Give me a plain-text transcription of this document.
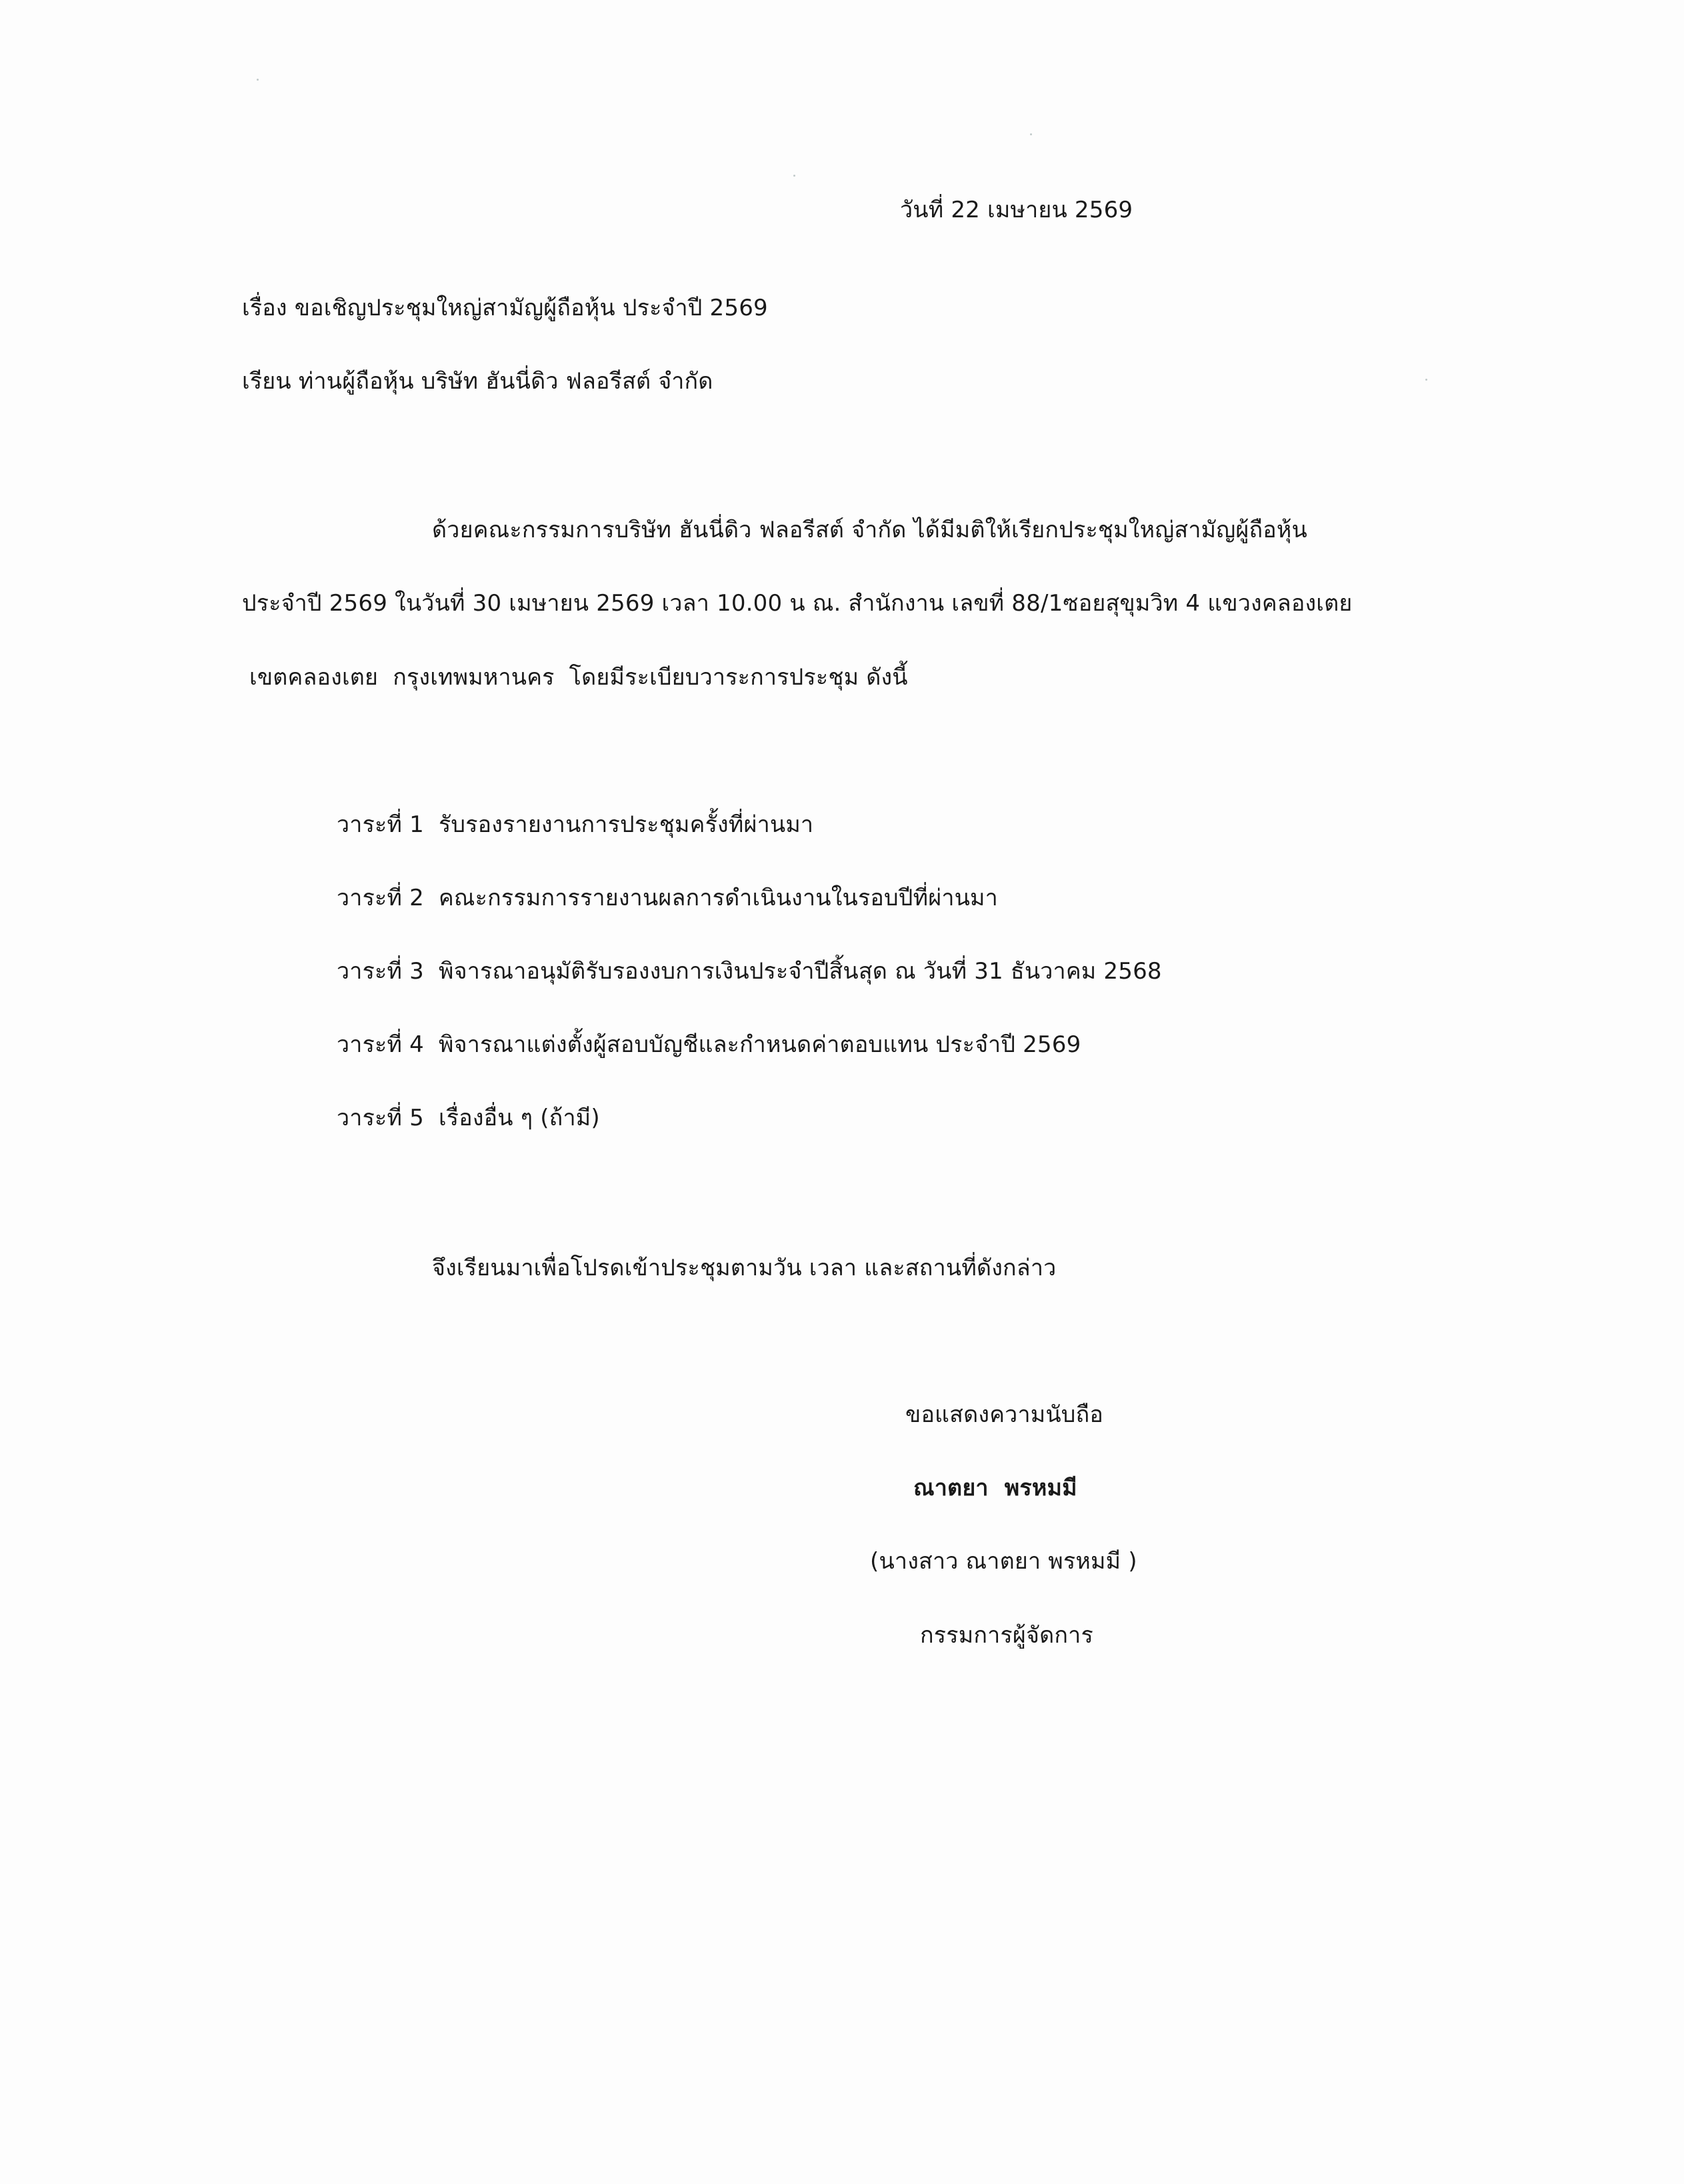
วันที่ 22 เมษายน 2569
เรื่อง ขอเชิญประชุมใหญ่สามัญผู้ถือหุ้น ประจำปี 2569
เรียน ท่านผู้ถือหุ้น บริษัท ฮันนี่ดิว ฟลอรีสต์ จำกัด
ด้วยคณะกรรมการบริษัท ฮันนี่ดิว ฟลอรีสต์ จำกัด ได้มีมติให้เรียกประชุมใหญ่สามัญผู้ถือหุ้น
ประจำปี 2569 ในวันที่ 30 เมษายน 2569 เวลา 10.00 น ณ. สำนักงาน เลขที่ 88/1ซอยสุขุมวิท 4 แขวงคลองเตย
เขตคลองเตย  กรุงเทพมหานคร  โดยมีระเบียบวาระการประชุม ดังนี้
วาระที่ 1  รับรองรายงานการประชุมครั้งที่ผ่านมา
วาระที่ 2  คณะกรรมการรายงานผลการดำเนินงานในรอบปีที่ผ่านมา
วาระที่ 3  พิจารณาอนุมัติรับรองงบการเงินประจำปีสิ้นสุด ณ วันที่ 31 ธันวาคม 2568
วาระที่ 4  พิจารณาแต่งตั้งผู้สอบบัญชีและกำหนดค่าตอบแทน ประจำปี 2569
วาระที่ 5  เรื่องอื่น ๆ (ถ้ามี)
จึงเรียนมาเพื่อโปรดเข้าประชุมตามวัน เวลา และสถานที่ดังกล่าว
ขอแสดงความนับถือ
ณาตยา  พรหมมี
(นางสาว ณาตยา พรหมมี )
กรรมการผู้จัดการ
